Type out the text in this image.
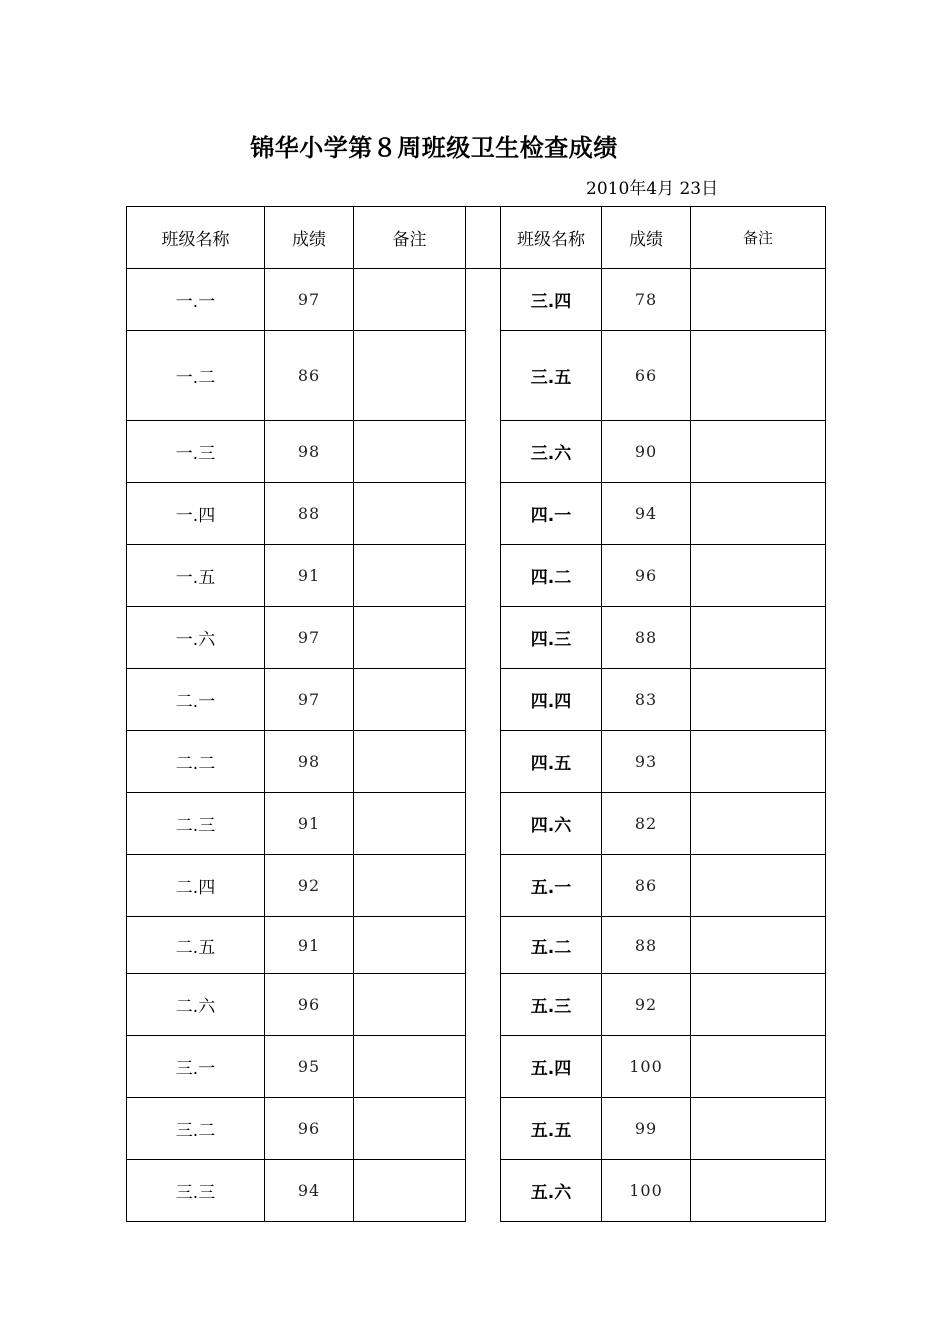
锦华小学第８周班级卫生检查成绩
2010年4月 23日
班级名称	成绩	备注		班级名称	成绩	备注
一.一	97			三.四	78	
一.二	86			三.五	66	
一.三	98			三.六	90	
一.四	88			四.一	94	
一.五	91			四.二	96	
一.六	97			四.三	88	
二.一	97			四.四	83	
二.二	98			四.五	93	
二.三	91			四.六	82	
二.四	92			五.一	86	
二.五	91			五.二	88	
二.六	96			五.三	92	
三.一	95			五.四	100	
三.二	96			五.五	99	
三.三	94			五.六	100	
